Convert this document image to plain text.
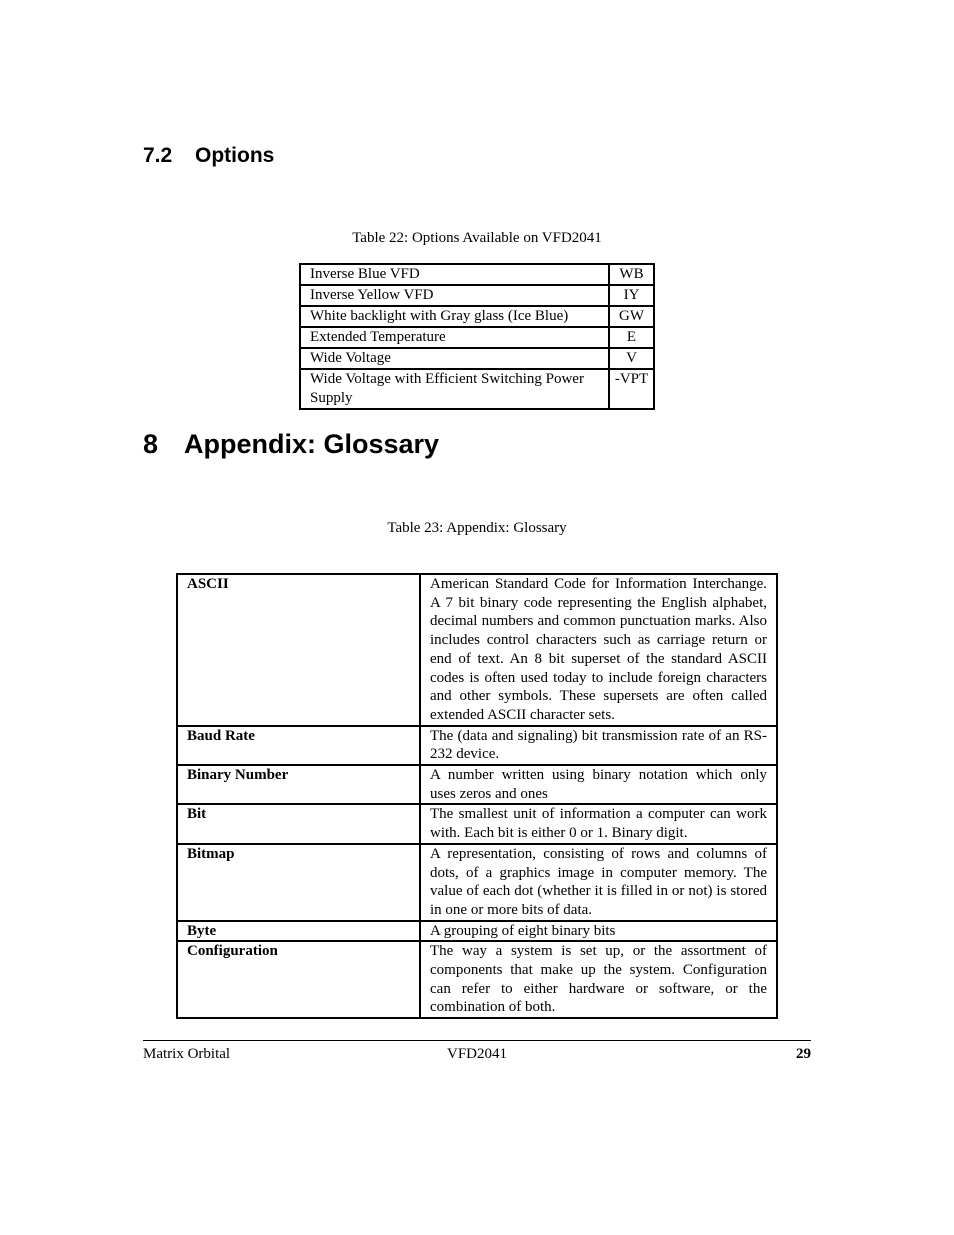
7.2 Options

Table 22: Options Available on VFD2041

Inverse Blue VFD	WB
Inverse Yellow VFD	IY
White backlight with Gray glass (Ice Blue)	GW
Extended Temperature	E
Wide Voltage	V
Wide Voltage with Efficient Switching Power Supply	-VPT
8 Appendix: Glossary

Table 23: Appendix: Glossary

ASCII	American Standard Code for Information Interchange. A 7 bit binary code representing the English alphabet, decimal numbers and common punctuation marks. Also includes control characters such as carriage return or end of text. An 8 bit superset of the standard ASCII codes is often used today to include foreign characters and other symbols. These supersets are often called extended ASCII character sets.
Baud Rate	The (data and signaling) bit transmission rate of an RS-232 device.
Binary Number	A number written using binary notation which only uses zeros and ones
Bit	The smallest unit of information a computer can work with. Each bit is either 0 or 1. Binary digit.
Bitmap	A representation, consisting of rows and columns of dots, of a graphics image in computer memory. The value of each dot (whether it is filled in or not) is stored in one or more bits of data.
Byte	A grouping of eight binary bits
Configuration	The way a system is set up, or the assortment of components that make up the system. Configuration can refer to either hardware or software, or the combination of both.
Matrix Orbital	VFD2041	29
